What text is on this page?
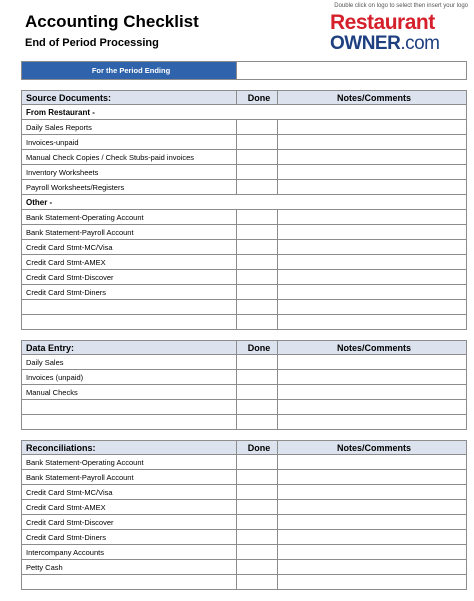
Accounting Checklist
End of Period Processing
Double click on logo to select then insert your logo
Restaurant
OWNER.com
For the Period Ending		

Source Documents:	Done	Notes/Comments
From Restaurant -		
Daily Sales Reports		
Invoices-unpaid		
Manual Check Copies / Check Stubs-paid invoices		
Inventory Worksheets		
Payroll Worksheets/Registers		
Other -		
Bank Statement-Operating Account		
Bank Statement-Payroll Account		
Credit Card Stmt-MC/Visa		
Credit Card Stmt-AMEX		
Credit Card Stmt-Discover		
Credit Card Stmt-Diners		

Data Entry:	Done	Notes/Comments
Daily Sales		
Invoices (unpaid)		
Manual Checks		

Reconciliations:	Done	Notes/Comments
Bank Statement-Operating Account		
Bank Statement-Payroll Account		
Credit Card Stmt-MC/Visa		
Credit Card Stmt-AMEX		
Credit Card Stmt-Discover		
Credit Card Stmt-Diners		
Intercompany Accounts		
Petty Cash		
